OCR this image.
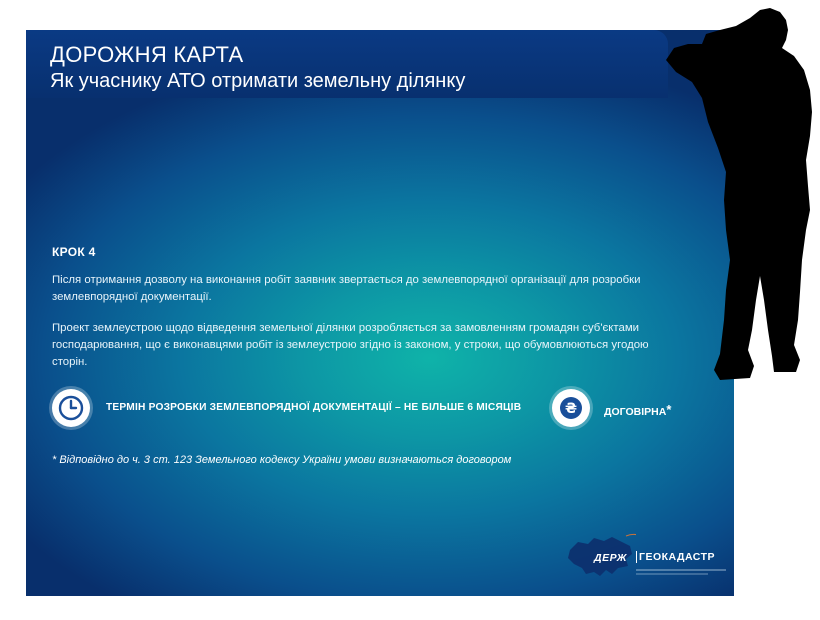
ДОРОЖНЯ КАРТА
Як учаснику АТО отримати земельну ділянку
КРОК 4
Після отримання дозволу на виконання робіт заявник звертається до землевпорядної організації для розробки землевпорядної документації.
Проект землеустрою щодо відведення земельної ділянки розробляється за замовленням громадян суб'єктами господарювання, що є виконавцями робіт із землеустрою згідно із законом, у строки, що обумовлюються угодою сторін.
ТЕРМІН РОЗРОБКИ ЗЕМЛЕВПОРЯДНОЇ ДОКУМЕНТАЦІЇ – НЕ БІЛЬШЕ 6 МІСЯЦІВ	₴	ДОГОВІРНА*
* Відповідно до ч. 3 ст. 123 Земельного кодексу України умови визначаються договором
ДЕРЖ ГЕОКАДАСТР
